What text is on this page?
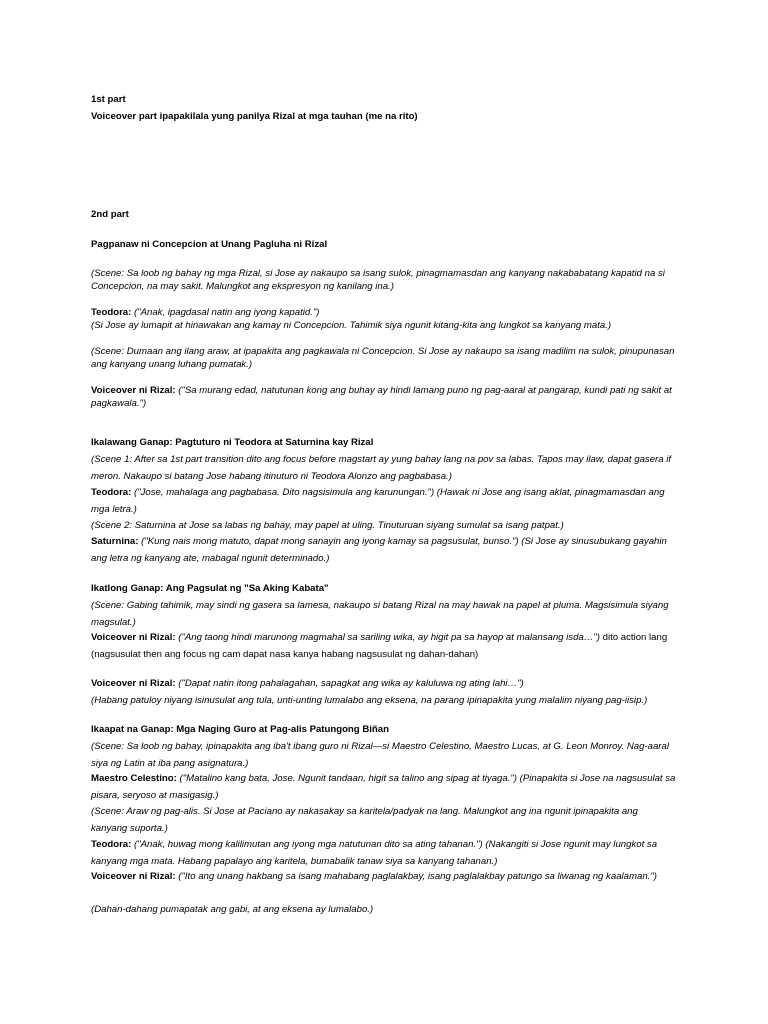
1st part
Voiceover part ipapakilala yung panilya Rizal at mga tauhan (me na rito)
2nd part
Pagpanaw ni Concepcion at Unang Pagluha ni Rizal
(Scene: Sa loob ng bahay ng mga Rizal, si Jose ay nakaupo sa isang sulok, pinagmamasdan ang kanyang nakababatang kapatid na si Concepcion, na may sakit. Malungkot ang ekspresyon ng kanilang ina.)

Teodora: ("Anak, ipagdasal natin ang iyong kapatid.")

(Si Jose ay lumapit at hinawakan ang kamay ni Concepcion. Tahimik siya ngunit kitang-kita ang lungkot sa kanyang mata.)

(Scene: Dumaan ang ilang araw, at ipapakita ang pagkawala ni Concepcion. Si Jose ay nakaupo sa isang madilim na sulok, pinupunasan ang kanyang unang luhang pumatak.)
Voiceover ni Rizal: ("Sa murang edad, natutunan kong ang buhay ay hindi lamang puno ng pag-aaral at pangarap, kundi pati ng sakit at pagkawala.")
Ikalawang Ganap: Pagtuturo ni Teodora at Saturnina kay Rizal
(Scene 1: After sa 1st part transition dito ang focus before magstart ay yung bahay lang na pov sa labas. Tapos may ilaw, dapat gasera if meron. Nakaupo si batang Jose habang itinuturo ni Teodora Alonzo ang pagbabasa.)
Teodora: ("Jose, mahalaga ang pagbabasa. Dito nagsisimula ang karunungan.") (Hawak ni Jose ang isang aklat, pinagmamasdan ang mga letra.)
(Scene 2: Saturnina at Jose sa labas ng bahay, may papel at uling. Tinuturuan siyang sumulat sa isang patpat.)
Saturnina: ("Kung nais mong matuto, dapat mong sanayin ang iyong kamay sa pagsusulat, bunso.") (Si Jose ay sinusubukang gayahin ang letra ng kanyang ate, mabagal ngunit determinado.)
Ikatlong Ganap: Ang Pagsulat ng "Sa Aking Kabata"
(Scene: Gabing tahimik, may sindi ng gasera sa lamesa, nakaupo si batang Rizal na may hawak na papel at pluma. Magsisimula siyang magsulat.)
Voiceover ni Rizal: ("Ang taong hindi marunong magmahal sa sariling wika, ay higit pa sa hayop at malansang isda…") dito action lang (nagsusulat then ang focus ng cam dapat nasa kanya habang nagsusulat ng dahan-dahan)

Voiceover ni Rizal: ("Dapat natin itong pahalagahan, sapagkat ang wika ay kaluluwa ng ating lahi…")

(Habang patuloy niyang isinusulat ang tula, unti-unting lumalabo ang eksena, na parang ipinapakita yung malalim niyang pag-iisip.)

Ikaapat na Ganap: Mga Naging Guro at Pag-alis Patungong Biñan
(Scene: Sa loob ng bahay, ipinapakita ang iba't ibang guro ni Rizal—si Maestro Celestino, Maestro Lucas, at G. Leon Monroy. Nag-aaral siya ng Latin at iba pang asignatura.)
Maestro Celestino: ("Matalino kang bata, Jose. Ngunit tandaan, higit sa talino ang sipag at tiyaga.") (Pinapakita si Jose na nagsusulat sa pisara, seryoso at masigasig.)
(Scene: Araw ng pag-alis. Si Jose at Paciano ay nakasakay sa karitela/padyak na lang. Malungkot ang ina ngunit ipinapakita ang kanyang suporta.)
Teodora: ("Anak, huwag mong kalilimutan ang iyong mga natutunan dito sa ating tahanan.") (Nakangiti si Jose ngunit may lungkot sa kanyang mga mata. Habang papalayo ang karitela, bumabalik tanaw siya sa kanyang tahanan.)
Voiceover ni Rizal: ("Ito ang unang hakbang sa isang mahabang paglalakbay, isang paglalakbay patungo sa liwanag ng kaalaman.")
(Dahan-dahang pumapatak ang gabi, at ang eksena ay lumalabo.)
